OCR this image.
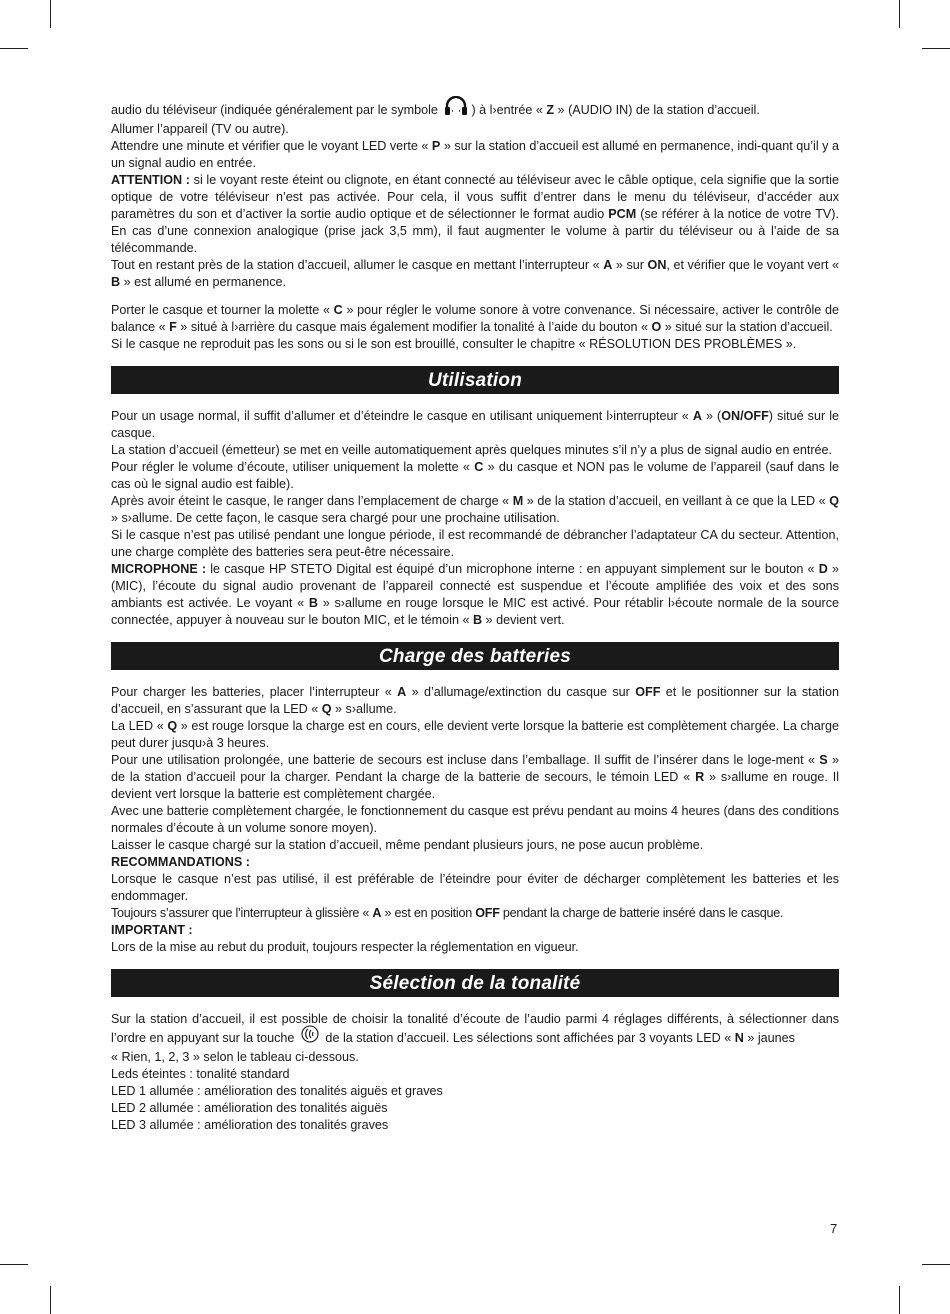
audio du téléviseur (indiquée généralement par le symbole ) à l›entrée « Z » (AUDIO IN) de la station d’accueil.

Allumer l’appareil (TV ou autre).

Attendre une minute et vérifier que le voyant LED verte « P » sur la station d’accueil est allumé en permanence, indi-quant qu’il y a un signal audio en entrée.

ATTENTION : si le voyant reste éteint ou clignote, en étant connecté au téléviseur avec le câble optique, cela signifie que la sortie optique de votre téléviseur n’est pas activée. Pour cela, il vous suffit d’entrer dans le menu du téléviseur, d’accéder aux paramètres du son et d’activer la sortie audio optique et de sélectionner le format audio PCM (se référer à la notice de votre TV). En cas d’une connexion analogique (prise jack 3,5 mm), il faut augmenter le volume à partir du téléviseur ou à l’aide de sa télécommande.

Tout en restant près de la station d’accueil, allumer le casque en mettant l’interrupteur « A » sur ON, et vérifier que le voyant vert « B » est allumé en permanence.

Porter le casque et tourner la molette « C » pour régler le volume sonore à votre convenance. Si nécessaire, activer le contrôle de balance « F » situé à l›arrière du casque mais également modifier la tonalité à l’aide du bouton « O » situé sur la station d’accueil.

Si le casque ne reproduit pas les sons ou si le son est brouillé, consulter le chapitre « RÉSOLUTION DES PROBLÈMES ».

Utilisation

Pour un usage normal, il suffit d’allumer et d’éteindre le casque en utilisant uniquement l›interrupteur « A » (ON/OFF) situé sur le casque.

La station d’accueil (émetteur) se met en veille automatiquement après quelques minutes s’il n’y a plus de signal audio en entrée.

Pour régler le volume d’écoute, utiliser uniquement la molette « C » du casque et NON pas le volume de l’appareil (sauf dans le cas où le signal audio est faible).

Après avoir éteint le casque, le ranger dans l’emplacement de charge « M » de la station d’accueil, en veillant à ce que la LED « Q » s›allume. De cette façon, le casque sera chargé pour une prochaine utilisation.

Si le casque n’est pas utilisé pendant une longue période, il est recommandé de débrancher l’adaptateur CA du secteur. Attention, une charge complète des batteries sera peut-être nécessaire.

MICROPHONE : le casque HP STETO Digital est équipé d’un microphone interne : en appuyant simplement sur le bouton « D » (MIC), l’écoute du signal audio provenant de l’appareil connecté est suspendue et l’écoute amplifiée des voix et des sons ambiants est activée. Le voyant « B » s›allume en rouge lorsque le MIC est activé. Pour rétablir l›écoute normale de la source connectée, appuyer à nouveau sur le bouton MIC, et le témoin « B » devient vert.

Charge des batteries

Pour charger les batteries, placer l’interrupteur « A » d’allumage/extinction du casque sur OFF et le positionner sur la station d’accueil, en s’assurant que la LED « Q » s›allume.

La LED « Q » est rouge lorsque la charge est en cours, elle devient verte lorsque la batterie est complètement chargée. La charge peut durer jusqu›à 3 heures.

Pour une utilisation prolongée, une batterie de secours est incluse dans l’emballage. Il suffit de l’insérer dans le loge-ment « S » de la station d’accueil pour la charger. Pendant la charge de la batterie de secours, le témoin LED « R » s›allume en rouge. Il devient vert lorsque la batterie est complètement chargée.

Avec une batterie complètement chargée, le fonctionnement du casque est prévu pendant au moins 4 heures (dans des conditions normales d’écoute à un volume sonore moyen).

Laisser le casque chargé sur la station d’accueil, même pendant plusieurs jours, ne pose aucun problème.

RECOMMANDATIONS :

Lorsque le casque n’est pas utilisé, il est préférable de l’éteindre pour éviter de décharger complètement les batteries et les endommager.

Toujours s’assurer que l’interrupteur à glissière « A » est en position OFF pendant la charge de batterie inséré dans le casque.

IMPORTANT :

Lors de la mise au rebut du produit, toujours respecter la réglementation en vigueur.

Sélection de la tonalité

Sur la station d’accueil, il est possible de choisir la tonalité d’écoute de l’audio parmi 4 réglages différents, à sélectionner dans l’ordre en appuyant sur la touche  de la station d’accueil. Les sélections sont affichées par 3 voyants LED « N » jaunes

« Rien, 1, 2, 3 » selon le tableau ci-dessous.

Leds éteintes : tonalité standard

LED 1 allumée : amélioration des tonalités aiguës et graves

LED 2 allumée : amélioration des tonalités aiguës

LED 3 allumée : amélioration des tonalités graves

7
